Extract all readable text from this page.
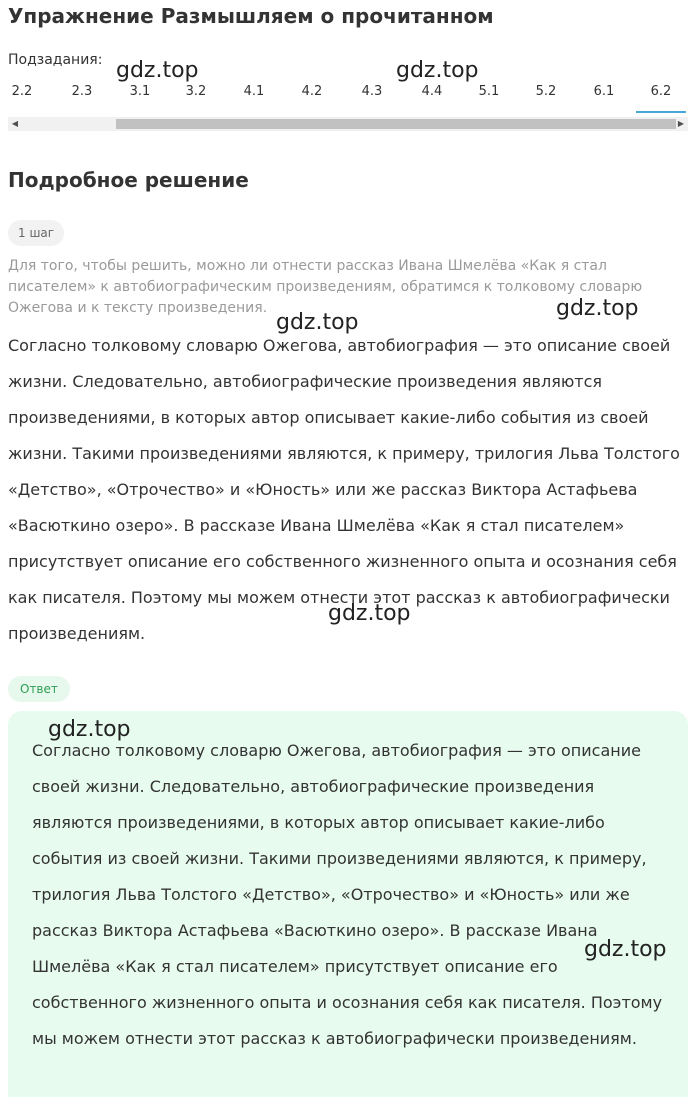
Упражнение Размышляем о прочитанном
Подзадания:
2.2	2.3	3.1	3.2	4.1	4.2	4.3	4.4	5.1	5.2	6.1	6.2
◀	▶
Подробное решение
1 шаг
Для того, чтобы решить, можно ли отнести рассказ Ивана Шмелёва «Как я стал писателем» к автобиографическим произведениям, обратимся к толковому словарю Ожегова и к тексту произведения.
Согласно толковому словарю Ожегова, автобиография — это описание своей жизни. Следовательно, автобиографические произведения являются произведениями, в которых автор описывает какие-либо события из своей жизни. Такими произведениями являются, к примеру, трилогия Льва Толстого «Детство», «Отрочество» и «Юность» или же рассказ Виктора Астафьева «Васюткино озеро». В рассказе Ивана Шмелёва «Как я стал писателем» присутствует описание его собственного жизненного опыта и осознания себя как писателя. Поэтому мы можем отнести этот рассказ к автобиографически произведениям.
Ответ
Согласно толковому словарю Ожегова, автобиография — это описание своей жизни. Следовательно, автобиографические произведения являются произведениями, в которых автор описывает какие-либо события из своей жизни. Такими произведениями являются, к примеру, трилогия Льва Толстого «Детство», «Отрочество» и «Юность» или же рассказ Виктора Астафьева «Васюткино озеро». В рассказе Ивана Шмелёва «Как я стал писателем» присутствует описание его собственного жизненного опыта и осознания себя как писателя. Поэтому мы можем отнести этот рассказ к автобиографически произведениям.
gdz.top	gdz.top
gdz.top
gdz.top
gdz.top
gdz.top
gdz.top
